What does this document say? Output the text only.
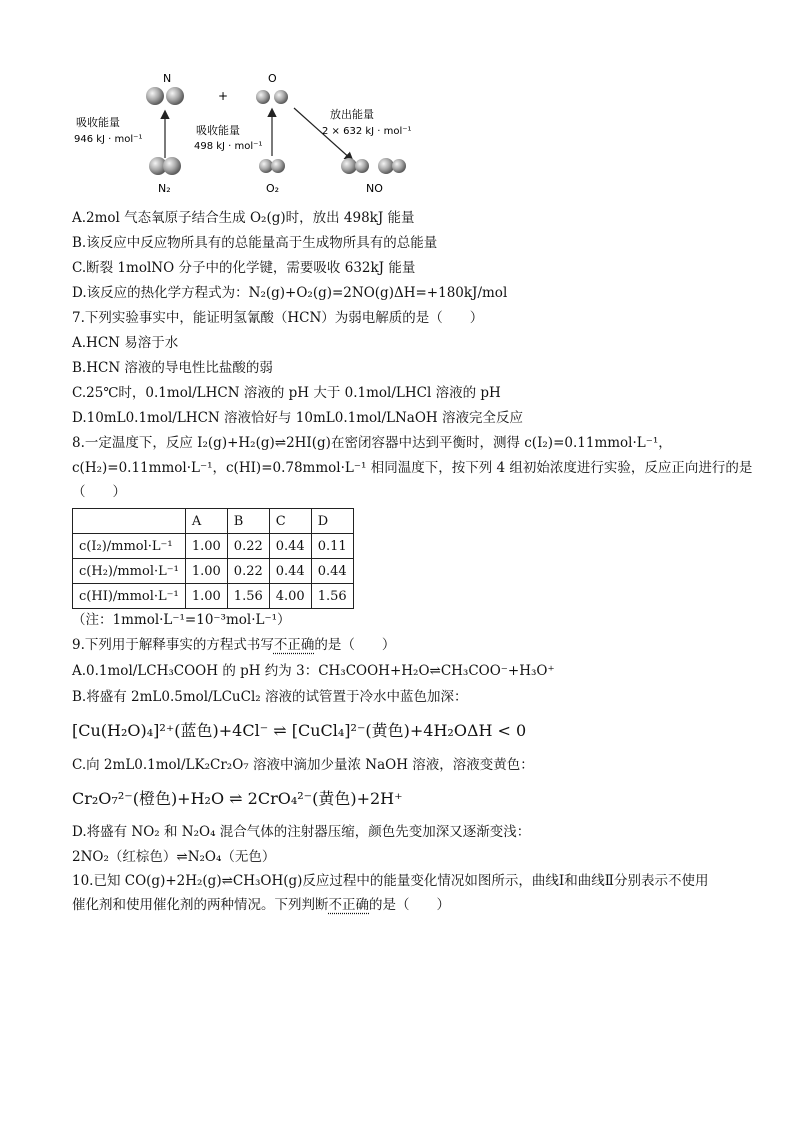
N
N₂
吸收能量
946 kJ · mol⁻¹
+
O
O₂
吸收能量
498 kJ · mol⁻¹
放出能量
2 × 632 kJ · mol⁻¹
NO
A.2mol 气态氧原子结合生成 O₂(g)时，放出 498kJ 能量
B.该反应中反应物所具有的总能量高于生成物所具有的总能量
C.断裂 1molNO 分子中的化学键，需要吸收 632kJ 能量
D.该反应的热化学方程式为：N₂(g)+O₂(g)=2NO(g)ΔH=+180kJ/mol
7.下列实验事实中，能证明氢氰酸（HCN）为弱电解质的是（　　）
A.HCN 易溶于水
B.HCN 溶液的导电性比盐酸的弱
C.25℃时，0.1mol/LHCN 溶液的 pH 大于 0.1mol/LHCl 溶液的 pH
D.10mL0.1mol/LHCN 溶液恰好与 10mL0.1mol/LNaOH 溶液完全反应
8.一定温度下，反应 I₂(g)+H₂(g)⇌2HI(g)在密闭容器中达到平衡时，测得 c(I₂)=0.11mmol·L⁻¹，
c(H₂)=0.11mmol·L⁻¹，c(HI)=0.78mmol·L⁻¹ 相同温度下，按下列 4 组初始浓度进行实验，反应正向进行的是
（　　）
	A	B	C	D
c(I₂)/mmol·L⁻¹	1.00	0.22	0.44	0.11
c(H₂)/mmol·L⁻¹	1.00	0.22	0.44	0.44
c(HI)/mmol·L⁻¹	1.00	1.56	4.00	1.56
（注：1mmol·L⁻¹=10⁻³mol·L⁻¹）
9.下列用于解释事实的方程式书写不正确的是（　　）
A.0.1mol/LCH₃COOH 的 pH 约为 3：CH₃COOH+H₂O⇌CH₃COO⁻+H₃O⁺
B.将盛有 2mL0.5mol/LCuCl₂ 溶液的试管置于冷水中蓝色加深：
[Cu(H₂O)₄]²⁺(蓝色)+4Cl⁻ ⇌ [CuCl₄]²⁻(黄色)+4H₂OΔH < 0
C.向 2mL0.1mol/LK₂Cr₂O₇ 溶液中滴加少量浓 NaOH 溶液，溶液变黄色：
Cr₂O₇²⁻(橙色)+H₂O ⇌ 2CrO₄²⁻(黄色)+2H⁺
D.将盛有 NO₂ 和 N₂O₄ 混合气体的注射器压缩，颜色先变加深又逐渐变浅：
2NO₂（红棕色）⇌N₂O₄（无色）
10.已知 CO(g)+2H₂(g)⇌CH₃OH(g)反应过程中的能量变化情况如图所示，曲线Ⅰ和曲线Ⅱ分别表示不使用
催化剂和使用催化剂的两种情况。下列判断不正确的是（　　）
